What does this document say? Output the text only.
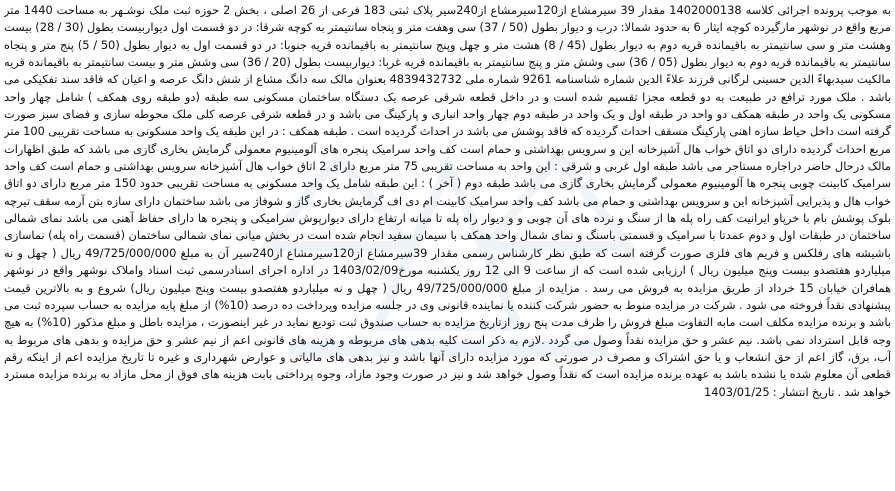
به موجب پرونده اجرائی کلاسه 1402000138 مقدار 39 سیرمشاع از120سیرمشاع از240سیر پلاک ثبتی 183 فرعی از 26 اصلی ، بخش 2 حوزه ثبت ملک نوشـهر به مساحت 1440 متر مربع واقع در نوشهر مارگیرده کوچه ایثار 6 به حدود شمالا: درب و دیوار بطول (50 / 37) سی وهفت متر و پنجاه سانتیمتر به کوچه شرقا: در دو قسمت اول دیواربیست بطول (30 / 28) بیست وهشت متر و سی سانتیمتر به باقیمانده قریه دوم به دیوار بطول (45 / 8) هشت متر و چهل وپنج سانتیمتر به باقیمانده قریه جنوبا: در دو قسمت اول به دیوار بطول (50 / 5) پنج متر و پنجاه سانتیمتر به باقیمانده قریه دوم به دیوار بطول (05 / 36) سی وشش متر و پنج سانتیمتر به باقیمانده قریه غربا: دیواربیست بطول (20 / 36) سی وشش متر و بیست سانتیمتر به باقیمانده قریه مالکیت سیدبهاءً الدین حسینی لرگانی فرزند علاءً الدین شماره شناسنامه 9261 شماره ملی 4839432732 بعنوان مالک سه دانگ مشاع از شش دانگ عرصه و اعیان که فاقد سند تفکیکی می باشد . ملک مورد ترافع در طبیعت به دو قطعه مجزا تقسیم شده است و در داخل قطعه شرقی عرصه یک دستگاه ساختمان مسکونی سه طبقه (دو طبقه روی همکف ) شامل چهار واحد مسکونی یک واحد در طبقه همکف دو واحد در طبقه اول و یک واحد در طبقه دوم چهار واحد انباری و پارکینگ می باشد و در قطعه شرقی عرصه کلی ملک محوطه سازی و فضای سبز صورت گرفته است داخل حیاط سازه اهنی پارکینگ مسقف احداث گردیده که فاقد پوشش می باشد در احداث گردیده است . طبقه همکف : در این طبقه یک واحد مسکونی به مساحت تقریبی 100 متر مربع احداث گردیده دارای دو اتاق خواب هال آشپزخانه این و سرویس بهداشتی و حمام است کف واحد سرامیک پنجره های آلومینیوم معمولی گرمایش بخاری گازی می باشد که طبق اظهارات مالک درحال حاضر دراجاره مستاجر می باشد طبقه اول غربی و شرقی : این واحد به مساحت تقریبی 75 متر مربع دارای 2 اتاق خواب هال آشپزخانه سرویس بهداشتی و حمام است کف واحد سرامیک کابینت چوبی پنجره ها آلومینیوم معمولی گرمایش بخاری گازی می باشد طبقه دوم ( آخر ) : این طبقه شامل یک واحد مسکونی به مساحت تقریبی حدود 150 متر مربع دارای دو اتاق خواب هال و پذیرایی آشپزخانه این و سرویس بهداشتی و حمام می باشد کف واحد سرامیک کابینت ام دی اف گرمایش بخاری گاز و شوفاژ می باشد ساختمان دارای سازه بتن آرمه سقف تیرچه بلوک پوشش بام با خرپاو ایرانیت کف راه پله ها از سنگ و نرده های آن چوبی و و دیوار راه پله تا میانه ارتفاع دارای دیوارپوش سرامیکی و پنجره ها دارای حفاظ آهنی می باشد نمای شمالی ساختمان در طبقات اول و دوم عمدتا با سرامیک و قسمتی باسنگ و نمای شمال واحد همکف با سیمان سفید انجام شده است در بخش میانی نمای شمالی ساختمان (قسمت راه پله) نماسازی باشیشه های رفلکس و فریم های فلزی صورت گرفته است که طبق نظر کارشناس رسمی مقدار 39سیرمشاع از120سیرمشاع از240سیر آن به مبلغ 49/725/000/000 ریال ( چهل و نه میلیاردو هفتصدو بیست وپنج میلیون ریال ) ارزیابی شده است که از ساعت 9 الی 12 روز یکشنبه مورخ1403/02/09 در اداره اجرای اسنادرسمی ثبت اسناد واملاک نوشهر واقع در نوشهر همافران خیابان 15 خرداد از طریق مزایده به فروش می رسد . مزایده از مبلغ 49/725/000/000 ریال ( چهل و نه میلیاردو هفتصدو بیست وپنج میلیون ریال) شروع و به بالاترین قیمت پیشنهادی نقداً فروخته می شود . شرکت در مزایده منوط به حضور شرکت کننده یا نماینده قانونی وی در جلسه مزایده وپرداخت ده درصد (10%) از مبلغ پایه مزایده به حساب سپرده ثبت می باشد و برنده مزایده مکلف است مابه التفاوت مبلغ فروش را ظرف مدت پنج روز ازتاریخ مزایده به حساب صندوق ثبت تودیع نماید در غیر اینصورت ، مزایده باطل و مبلغ مذکور (10%) به هیچ وجه قابل استرداد نمی باشد. نیم عشر و حق مزایده نقداً وصول می گردد .لازم به ذکر است کلیه بدهی های مربوطه و هزینه های قانونی اعم از نیم عشر و حق مزایده و بدهی های مربوط به آب، برق، گاز اعم از حق انشعاب و یا حق اشتراک و مصرف در صورتی که مورد مزایده دارای آنها باشد و نیز بدهی های مالیاتی و عوارض شهرداری و غیره تا تاریخ مزایده اعم از اینکه رقم قطعی آن معلوم شده یا نشده باشد به عهده برنده مزایده است که نقداً وصول خواهد شد و نیز در صورت وجود مازاد، وجوه پرداختی بابت هزینه های فوق از محل مازاد به برنده مزایده مسترد خواهد شد . تاریخ انتشار : 1403/01/25
